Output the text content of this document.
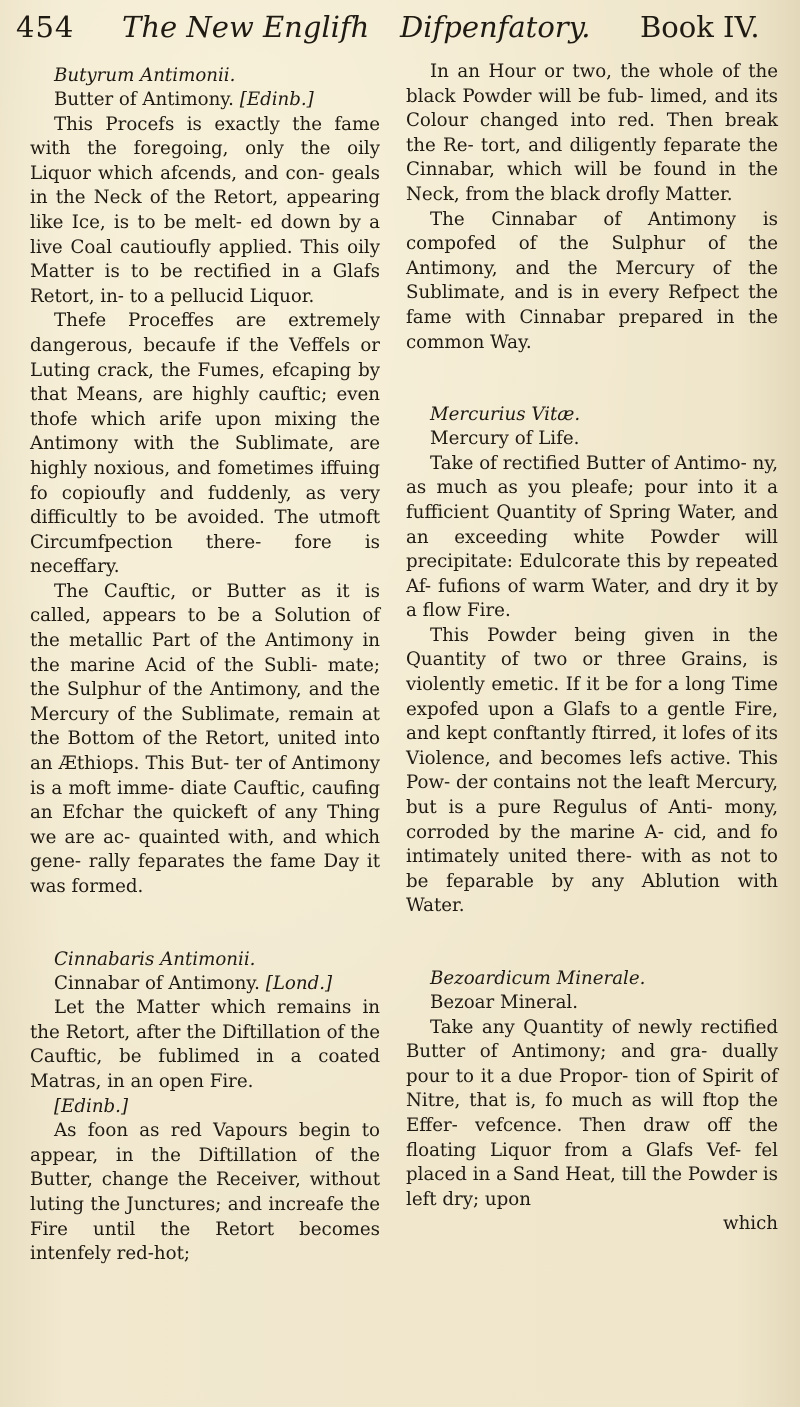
454 The New Englifh Difpenfatory. Book IV.

Butyrum Antimonii.

Butter of Antimony. [Edinb.]

This Procefs is exactly the fame with the foregoing, only the oily Liquor which afcends, and con- geals in the Neck of the Retort, appearing like Ice, is to be melt- ed down by a live Coal cautioufly applied. This oily Matter is to be rectified in a Glafs Retort, in- to a pellucid Liquor.

Thefe Proceffes are extremely dangerous, becaufe if the Veffels or Luting crack, the Fumes, efcaping by that Means, are highly cauftic; even thofe which arife upon mixing the Antimony with the Sublimate, are highly noxious, and fometimes iffuing fo copioufly and fuddenly, as very difficultly to be avoided. The utmoft Circumfpection there- fore is neceffary.

The Cauftic, or Butter as it is called, appears to be a Solution of the metallic Part of the Antimony in the marine Acid of the Subli- mate; the Sulphur of the Antimony, and the Mercury of the Sublimate, remain at the Bottom of the Retort, united into an Æthiops. This But- ter of Antimony is a moft imme- diate Cauftic, caufing an Efchar the quickeft of any Thing we are ac- quainted with, and which gene- rally feparates the fame Day it was formed.

Cinnabaris Antimonii.

Cinnabar of Antimony. [Lond.]

Let the Matter which remains in the Retort, after the Diftillation of the Cauftic, be fublimed in a coated Matras, in an open Fire.

[Edinb.]

As foon as red Vapours begin to appear, in the Diftillation of the Butter, change the Receiver, without luting the Junctures; and increafe the Fire until the Retort becomes intenfely red-hot;

In an Hour or two, the whole of the black Powder will be fub- limed, and its Colour changed into red. Then break the Re- tort, and diligently feparate the Cinnabar, which will be found in the Neck, from the black drofly Matter.

The Cinnabar of Antimony is compofed of the Sulphur of the Antimony, and the Mercury of the Sublimate, and is in every Refpect the fame with Cinnabar prepared in the common Way.

Mercurius Vitæ.

Mercury of Life.

Take of rectified Butter of Antimo- ny, as much as you pleafe; pour into it a fufficient Quantity of Spring Water, and an exceeding white Powder will precipitate: Edulcorate this by repeated Af- fufions of warm Water, and dry it by a flow Fire.

This Powder being given in the Quantity of two or three Grains, is violently emetic. If it be for a long Time expofed upon a Glafs to a gentle Fire, and kept conftantly ftirred, it lofes of its Violence, and becomes lefs active. This Pow- der contains not the leaft Mercury, but is a pure Regulus of Anti- mony, corroded by the marine A- cid, and fo intimately united there- with as not to be feparable by any Ablution with Water.

Bezoardicum Minerale.

Bezoar Mineral.

Take any Quantity of newly rectified Butter of Antimony; and gra- dually pour to it a due Propor- tion of Spirit of Nitre, that is, fo much as will ftop the Effer- vefcence. Then draw off the floating Liquor from a Glafs Vef- fel placed in a Sand Heat, till the Powder is left dry; upon

which
